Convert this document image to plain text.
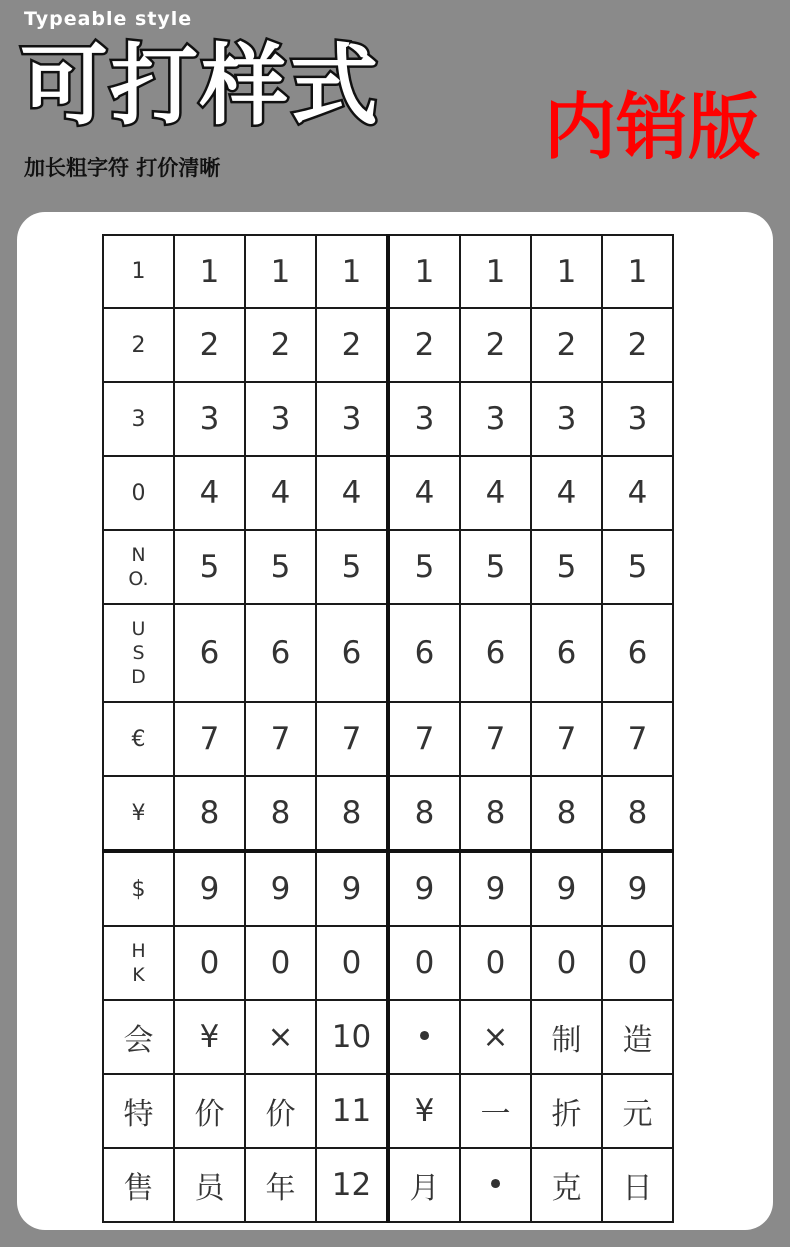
Typeable style
可打样式 内销版
加长粗字符 打价清晰
1	1	1	1	1	1	1	1
2	2	2	2	2	2	2	2
3	3	3	3	3	3	3	3
0	4	4	4	4	4	4	4
N
O.	5	5	5	5	5	5	5
U
S
D	6	6	6	6	6	6	6
€	7	7	7	7	7	7	7
¥	8	8	8	8	8	8	8
$	9	9	9	9	9	9	9
H
K	0	0	0	0	0	0	0
会	¥	×	10	•	×	制	造
特	价	价	11	¥	一	折	元
售	员	年	12	月	•	克	日
